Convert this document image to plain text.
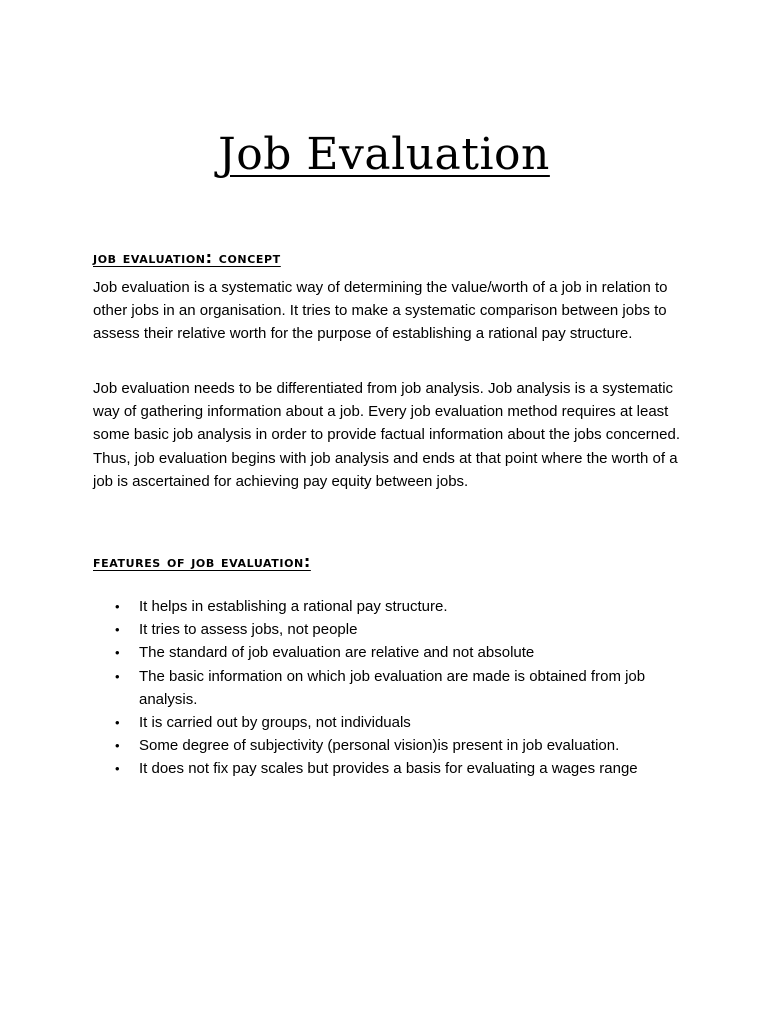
Job Evaluation
job evaluation: concept

Job evaluation is a systematic way of determining the value/worth of a job in relation to other jobs in an organisation. It tries to make a systematic comparison between jobs to assess their relative worth for the purpose of establishing a rational pay structure.

Job evaluation needs to be differentiated from job analysis. Job analysis is a systematic way of gathering information about a job. Every job evaluation method requires at least some basic job analysis in order to provide factual information about the jobs concerned. Thus, job evaluation begins with job analysis and ends at that point where the worth of a job is ascertained for achieving pay equity between jobs.

features of job evaluation:
• It helps in establishing a rational pay structure.
• It tries to assess jobs, not people
• The standard of job evaluation are relative and not absolute
• The basic information on which job evaluation are made is obtained from job analysis.
• It is carried out by groups, not individuals
• Some degree of subjectivity (personal vision)is present in job evaluation.
• It does not fix pay scales but provides a basis for evaluating a wages range
